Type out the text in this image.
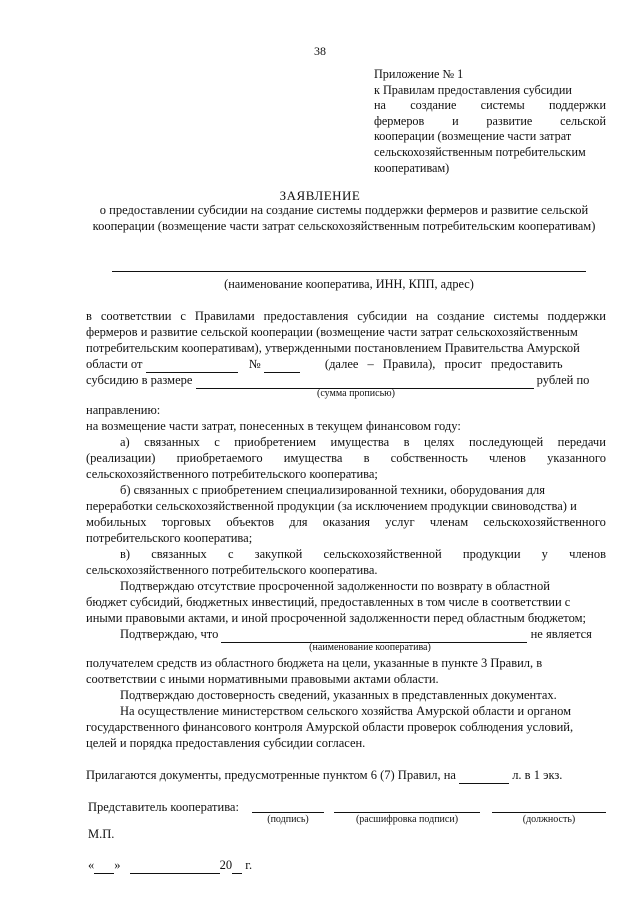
38
Приложение № 1
к Правилам предоставления субсидии
на создание системы поддержки
фермеров и развитие сельской
кооперации (возмещение части затрат
сельскохозяйственным потребительским
кооперативам)
ЗАЯВЛЕНИЕ
о предоставлении субсидии на создание системы поддержки фермеров и развитие сельской кооперации (возмещение части затрат сельскохозяйственным потребительским кооперативам)
(наименование кооператива, ИНН, КПП, адрес)
в соответствии с Правилами предоставления субсидии на создание системы поддержки
фермеров и развитие сельской кооперации (возмещение части затрат сельскохозяйственным
потребительским кооперативам), утвержденными постановлением Правительства Амурской
области от	№	(далее – Правила), просит предоставить
субсидию в размере	рублей по
(сумма прописью)
направлению:
на возмещение части затрат, понесенных в текущем финансовом году:
а) связанных с приобретением имущества в целях последующей передачи
(реализации) приобретаемого имущества в собственность членов указанного
сельскохозяйственного потребительского кооператива;
б) связанных с приобретением специализированной техники, оборудования для
переработки сельскохозяйственной продукции (за исключением продукции свиноводства) и
мобильных торговых объектов для оказания услуг членам сельскохозяйственного
потребительского кооператива;
в) связанных с закупкой сельскохозяйственной продукции у членов
сельскохозяйственного потребительского кооператива.
Подтверждаю отсутствие просроченной задолженности по возврату в областной
бюджет субсидий, бюджетных инвестиций, предоставленных в том числе в соответствии с
иными правовыми актами, и иной просроченной задолженности перед областным бюджетом;
Подтверждаю, что	не является
(наименование кооператива)
получателем средств из областного бюджета на цели, указанные в пункте 3 Правил, в
соответствии с иными нормативными правовыми актами области.
Подтверждаю достоверность сведений, указанных в представленных документах.
На осуществление министерством сельского хозяйства Амурской области и органом
государственного финансового контроля Амурской области проверок соблюдения условий,
целей и порядка предоставления субсидии согласен.
Прилагаются документы, предусмотренные пунктом 6 (7) Правил, на	л. в 1 экз.
Представитель кооператива:
(подпись)	(расшифровка подписи)	(должность)
М.П.
« »	20 г.
